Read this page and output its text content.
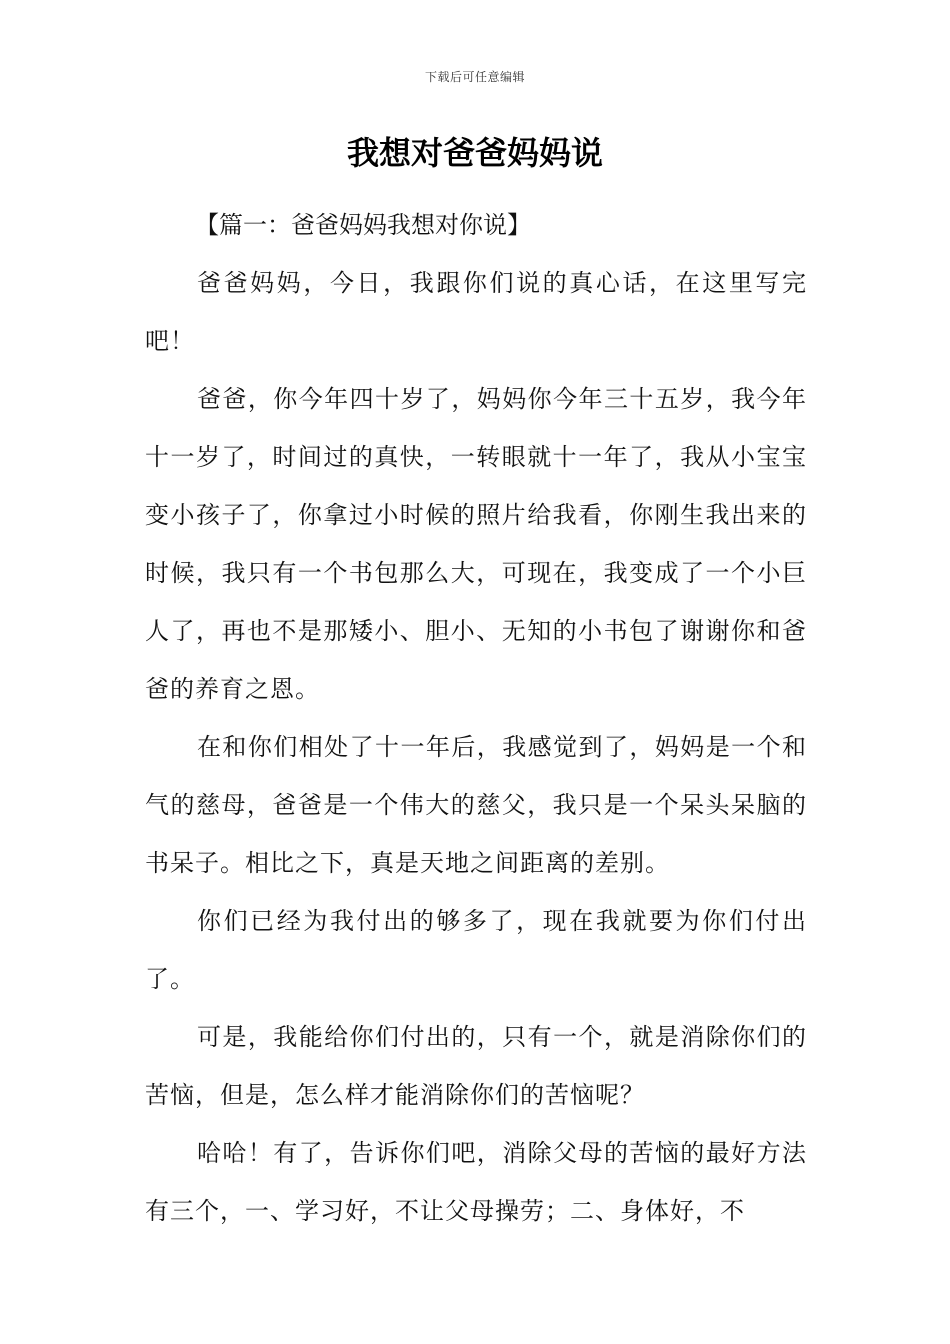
下载后可任意编辑
我想对爸爸妈妈说
【篇一：爸爸妈妈我想对你说】

爸爸妈妈，今日，我跟你们说的真心话，在这里写完吧！

爸爸，你今年四十岁了，妈妈你今年三十五岁，我今年十一岁了，时间过的真快，一转眼就十一年了，我从小宝宝变小孩子了，你拿过小时候的照片给我看，你刚生我出来的时候，我只有一个书包那么大，可现在，我变成了一个小巨人了，再也不是那矮小、胆小、无知的小书包了谢谢你和爸爸的养育之恩。

在和你们相处了十一年后，我感觉到了，妈妈是一个和气的慈母，爸爸是一个伟大的慈父，我只是一个呆头呆脑的书呆子。相比之下，真是天地之间距离的差别。

你们已经为我付出的够多了，现在我就要为你们付出了。

可是，我能给你们付出的，只有一个，就是消除你们的苦恼，但是，怎么样才能消除你们的苦恼呢？

哈哈！有了，告诉你们吧，消除父母的苦恼的最好方法有三个，一、学习好，不让父母操劳；二、身体好，不
